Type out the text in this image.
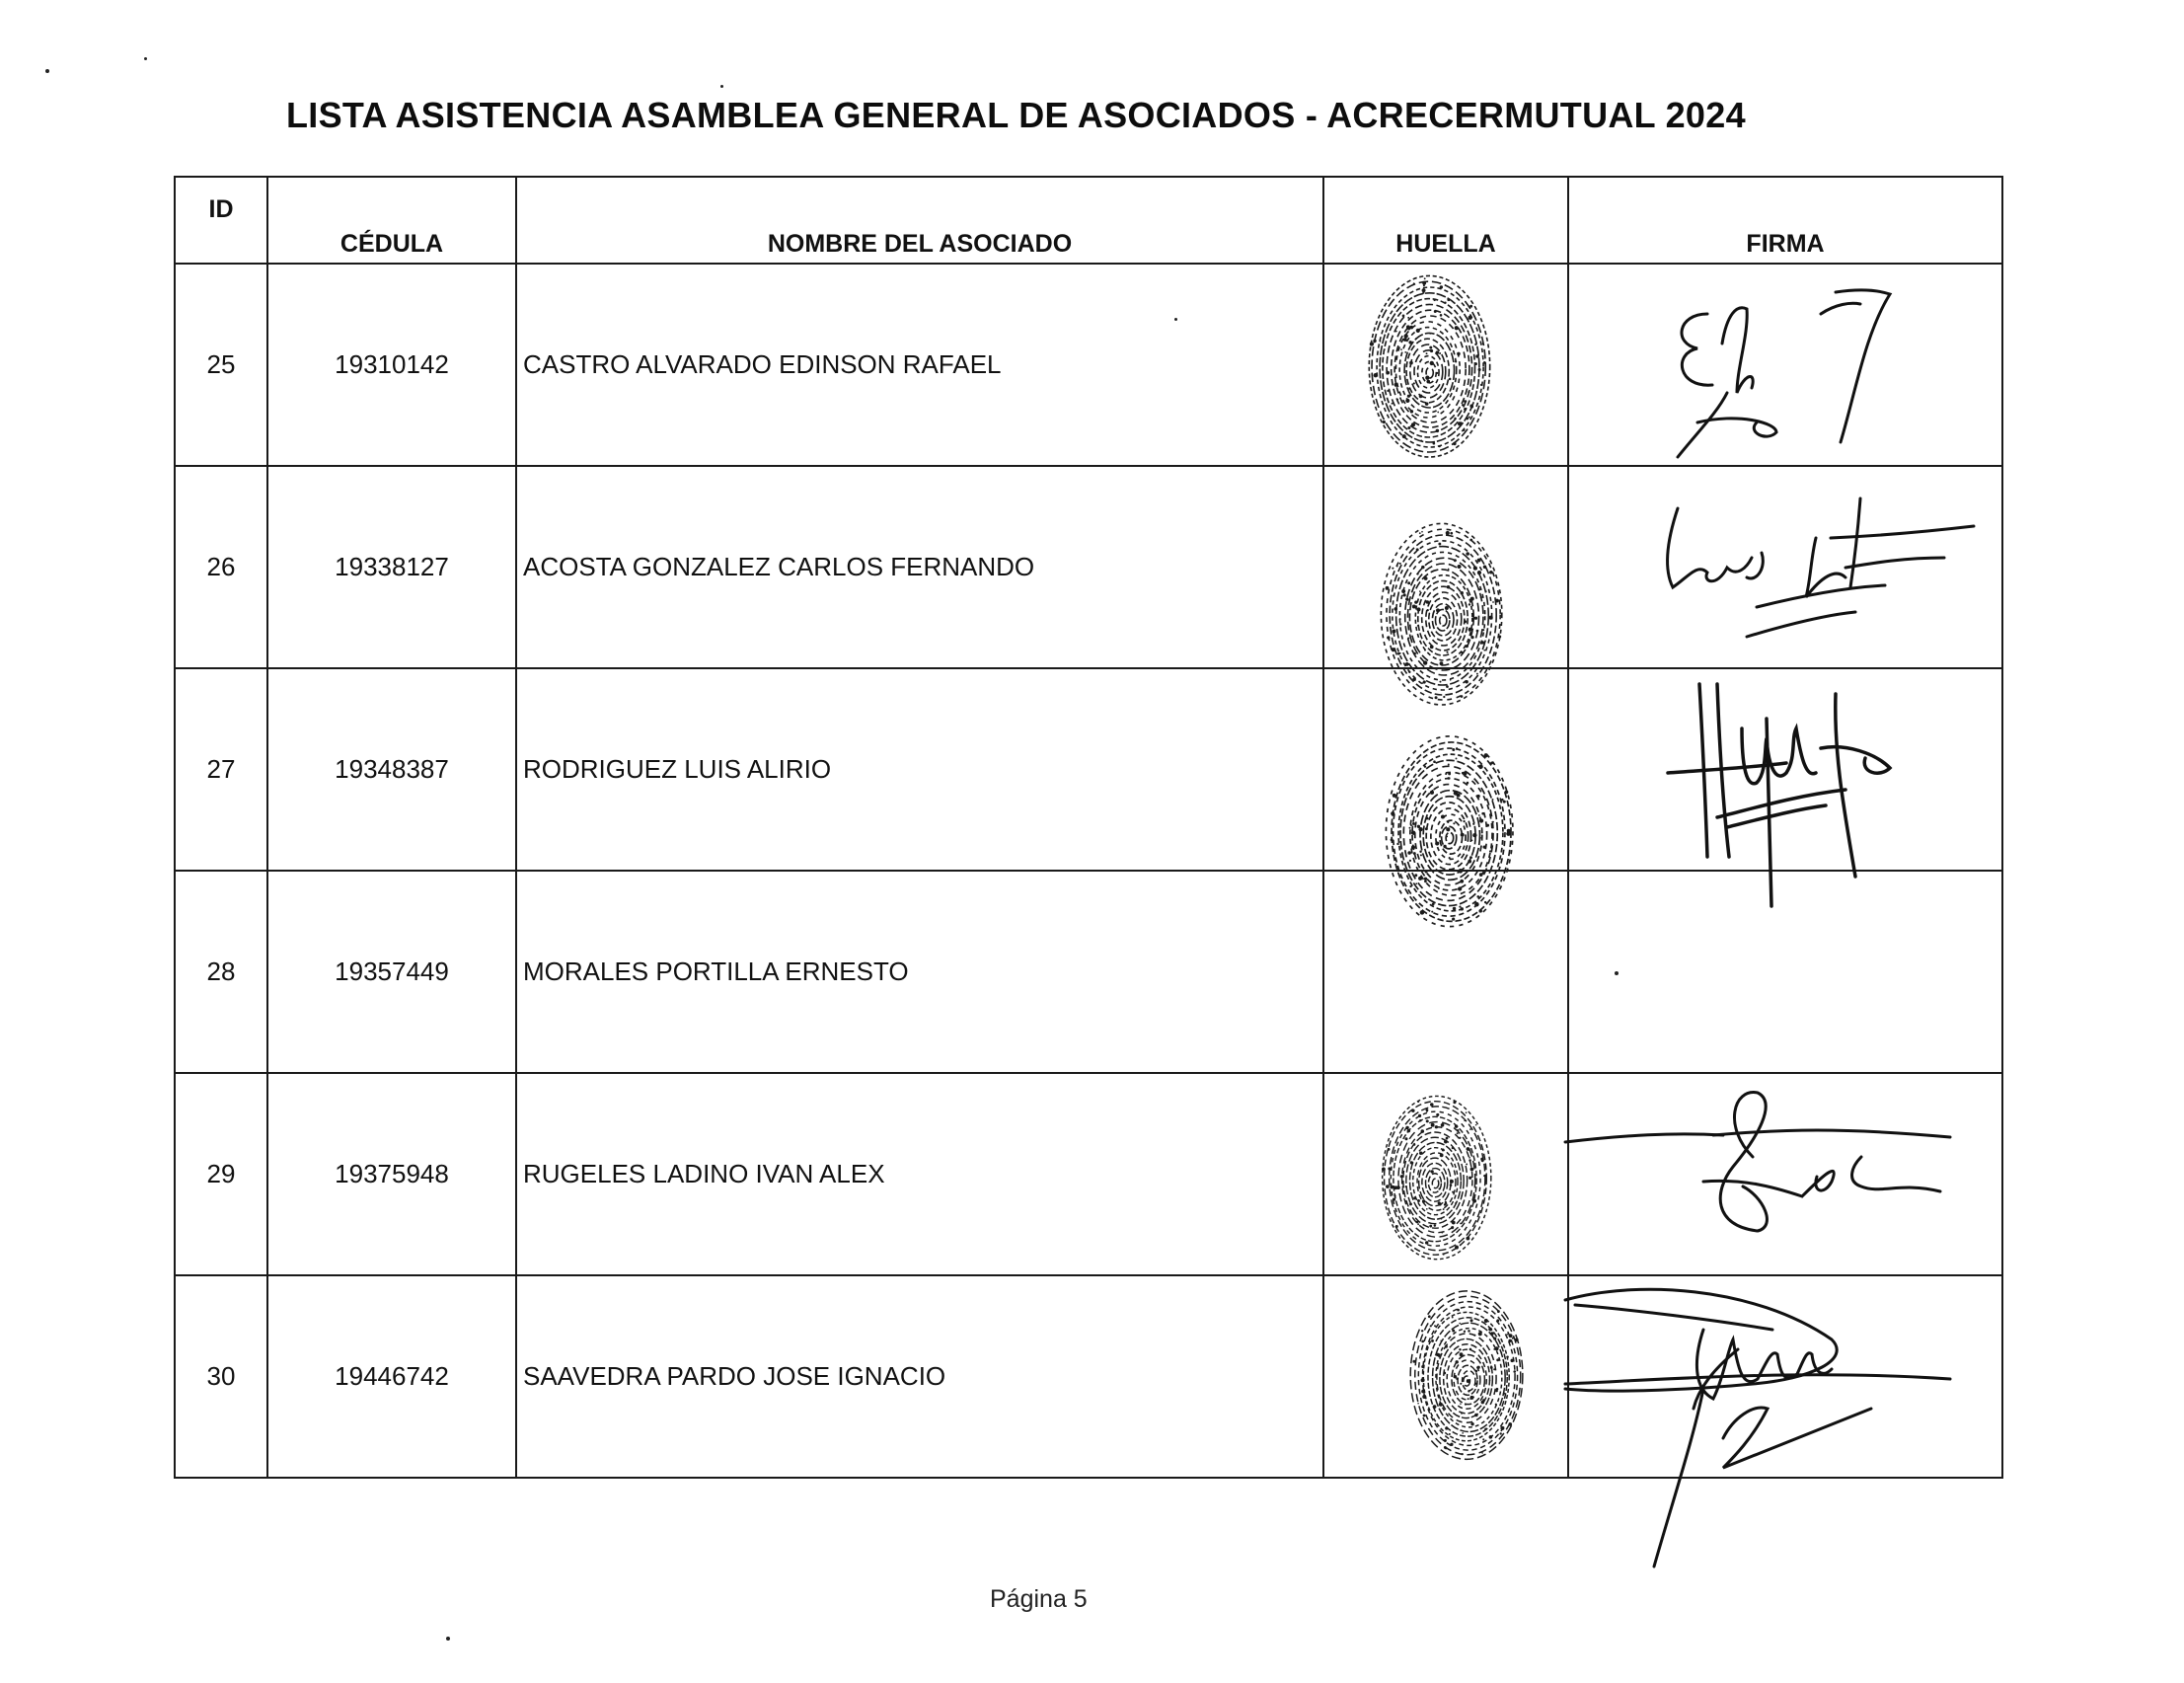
LISTA ASISTENCIA ASAMBLEA GENERAL DE ASOCIADOS - ACRECERMUTUAL 2024
ID	CÉDULA	NOMBRE DEL ASOCIADO	HUELLA	FIRMA
25	19310142	CASTRO ALVARADO EDINSON RAFAEL	

26	19338127	ACOSTA GONZALEZ CARLOS FERNANDO	

27	19348387	RODRIGUEZ LUIS ALIRIO	

28	19357449	MORALES PORTILLA ERNESTO		
29	19375948	RUGELES LADINO IVAN ALEX	

30	19446742	SAAVEDRA PARDO JOSE IGNACIO	

Página 5
